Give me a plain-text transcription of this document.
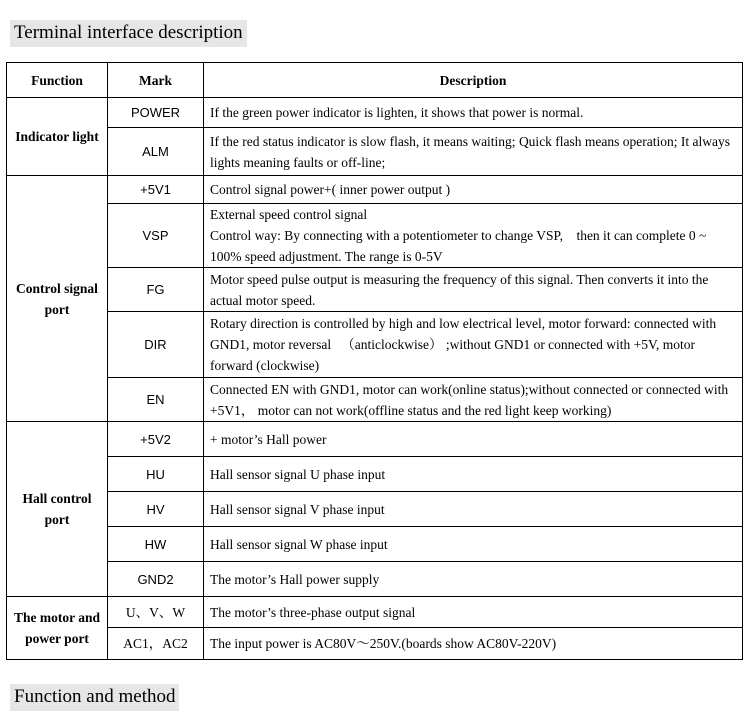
Terminal interface description
Function	Mark	Description
Indicator light	POWER	If the green power indicator is lighten, it shows that power is normal.
	ALM	If the red status indicator is slow flash, it means waiting; Quick flash means operation; It always lights meaning faults or off-line;
Control signal port	+5V1	Control signal power+( inner power output )
	VSP	External speed control signal
Control way: By connecting with a potentiometer to change VSP,    then it can complete 0 ~ 100% speed adjustment. The range is 0-5V

	FG	Motor speed pulse output is measuring the frequency of this signal. Then converts it into the actual motor speed.
	DIR	Rotary direction is controlled by high and low electrical level, motor forward: connected with GND1, motor reversal   （anticlockwise） ;without GND1 or connected with +5V, motor forward (clockwise)
	EN	Connected EN with GND1, motor can work(online status);without connected or connected with +5V1， motor can not work(offline status and the red light keep working)
Hall control port	+5V2	+ motor’s Hall power
	HU	Hall sensor signal U phase input
	HV	Hall sensor signal V phase input
	HW	Hall sensor signal W phase input
	GND2	The motor’s Hall power supply
The motor and power port	U、V、W	The motor’s three-phase output signal
	AC1，AC2	The input power is AC80V～250V.(boards show AC80V-220V)
Function and method
